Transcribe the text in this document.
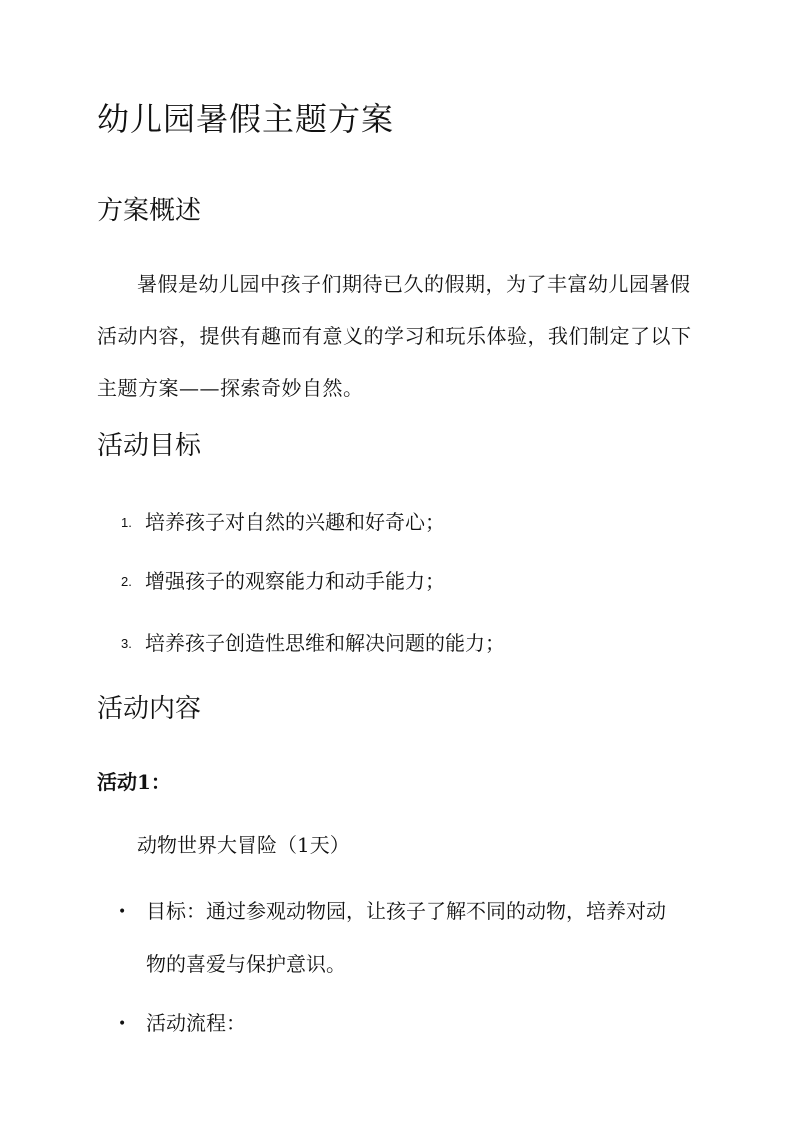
幼儿园暑假主题方案
方案概述
暑假是幼儿园中孩子们期待已久的假期，为了丰富幼儿园暑假
活动内容，提供有趣而有意义的学习和玩乐体验，我们制定了以下
主题方案——探索奇妙自然。
活动目标

1. 培养孩子对自然的兴趣和好奇心；

2. 增强孩子的观察能力和动手能力；

3. 培养孩子创造性思维和解决问题的能力；

活动内容
活动1：

动物世界大冒险（1天）

• 目标：通过参观动物园，让孩子了解不同的动物，培养对动
物的喜爱与保护意识。
• 活动流程：
